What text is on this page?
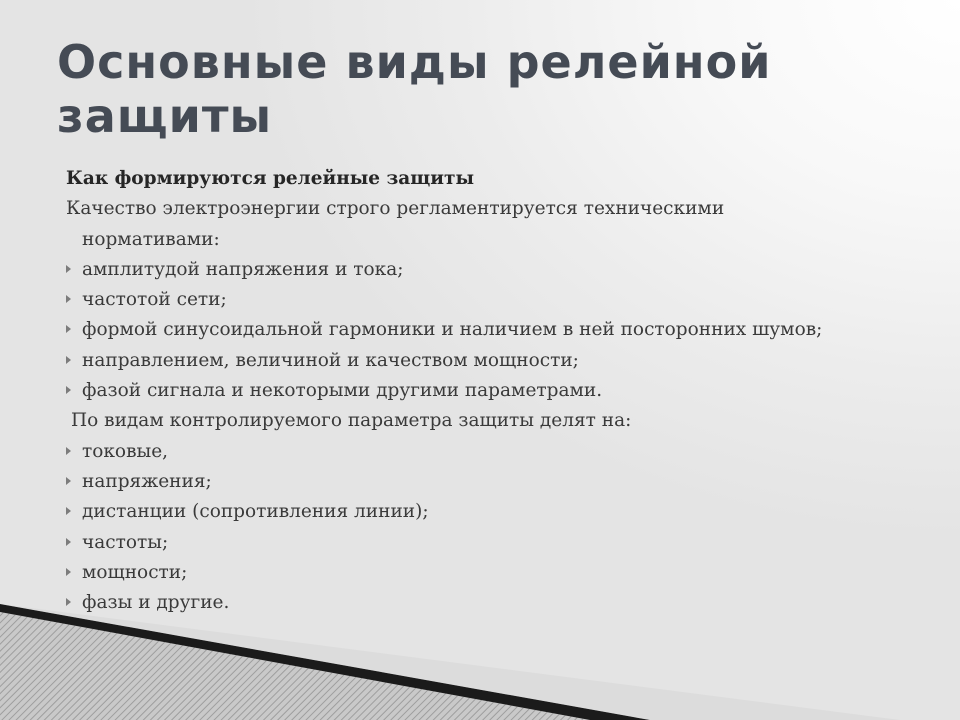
Основные виды релейной защиты
Как формируются релейные защиты
Качество электроэнергии строго регламентируется техническими
нормативами:
амплитудой напряжения и тока;
частотой сети;
формой синусоидальной гармоники и наличием в ней посторонних шумов;
направлением, величиной и качеством мощности;
фазой сигнала и некоторыми другими параметрами.
По видам контролируемого параметра защиты делят на:
токовые,
напряжения;
дистанции (сопротивления линии);
частоты;
мощности;
фазы и другие.
